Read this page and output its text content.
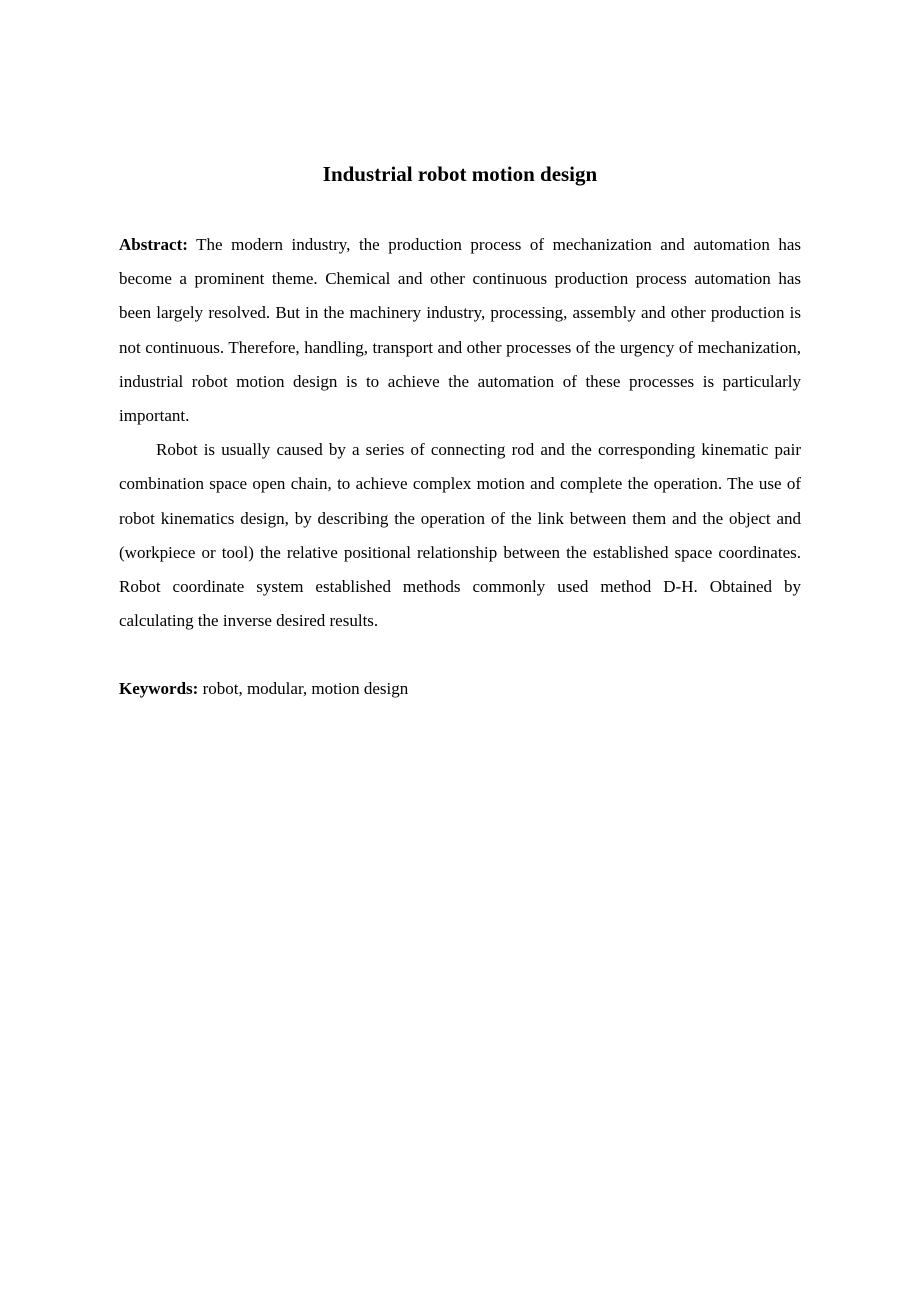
Industrial robot motion design

Abstract: The modern industry, the production process of mechanization and automation has become a prominent theme. Chemical and other continuous production process automation has been largely resolved. But in the machinery industry, processing, assembly and other production is not continuous. Therefore, handling, transport and other processes of the urgency of mechanization, industrial robot motion design is to achieve the automation of these processes is particularly important.

Robot is usually caused by a series of connecting rod and the corresponding kinematic pair combination space open chain, to achieve complex motion and complete the operation. The use of robot kinematics design, by describing the operation of the link between them and the object and (workpiece or tool) the relative positional relationship between the established space coordinates. Robot coordinate system established methods commonly used method D-H. Obtained by calculating the inverse desired results.

Keywords: robot, modular, motion design
